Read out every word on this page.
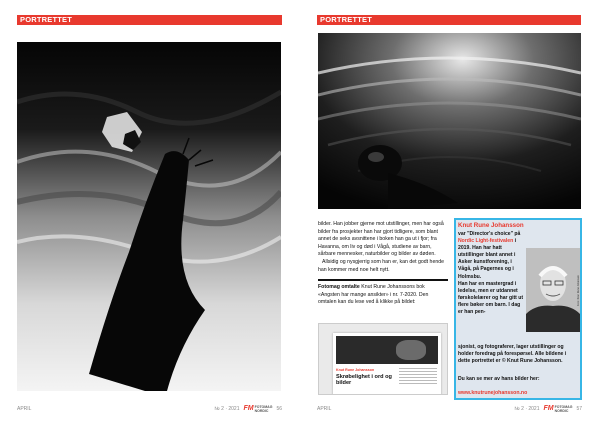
PORTRETTET
APRIL	№ 2 · 2021 FM FOTOMAG
NORDIC	56
PORTRETTET

bilder. Han jobber gjerne mot utstillinger, men har også bilder fra prosjekter han har gjort tidligere, som blant annet de seks avsnittene i boken han ga ut i fjor; fra Havanna, om liv og død i Vågå, studiene av barn, sårbare mennesker, naturbilder og bilder av døden.

Allsidig og nysgjerrig som han er, kan det godt hende han kommer med noe helt nytt.

Fotomag omtalte Knut Rune Johanssons bok «Angsten har mange ansikter» i nr. 7-2020. Den omtalen kan du lese ved å klikke på bildet:

Knut Rune Johansson
Skrøbelighet i ord og bilder
Knut Rune Johansson
var "Director's choice" på Nordic Light-festivalen i 2019. Han har hatt utstillinger blant annet i Asker kunstforening, i Vågå, på Pagernes og i Holmsbu.
Han har en mastergrad i ledelse, men er utdannet førskolelærer og har gitt ut flere bøker om barn. I dag er han pen-
Foto: Knut Rune Johansen
sjonist, og fotograferer, lager utstillinger og holder foredrag på forespørsel. Alle bildene i dette portrettet er © Knut Rune Johansson.
Du kan se mer av hans bilder her:
www.knutrunejohansson.no
APRIL	№ 2 · 2021 FM FOTOMAG
NORDIC	57
